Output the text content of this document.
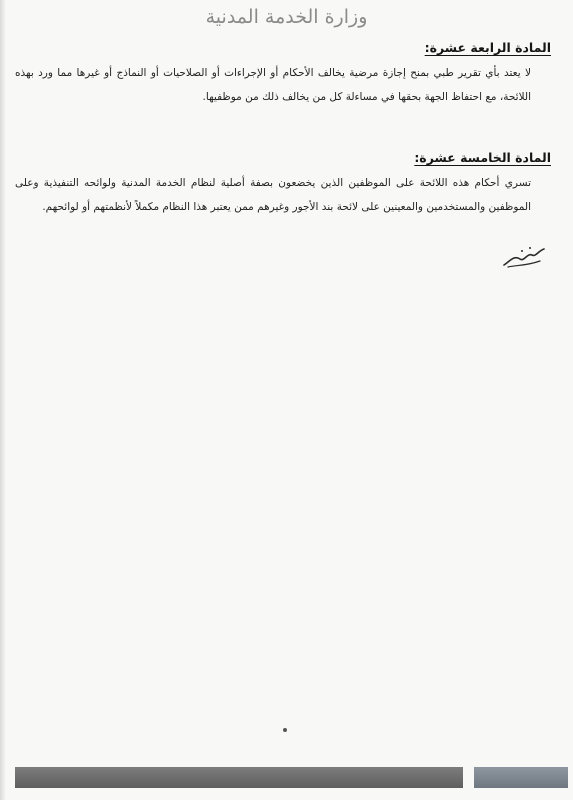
وزارة الخدمة المدنية
المادة الرابعة عشرة:

لا يعتد بأي تقرير طبي بمنح إجازة مرضية يخالف الأحكام أو الإجراءات أو الصلاحيات أو النماذج أو غيرها مما ورد بهذه اللائحة، مع احتفاظ الجهة بحقها في مساءلة كل من يخالف ذلك من موظفيها.

المادة الخامسة عشرة:

تسري أحكام هذه اللائحة على الموظفين الذين يخضعون بصفة أصلية لنظام الخدمة المدنية ولوائحه التنفيذية وعلى الموظفين والمستخدمين والمعينين على لائحة بند الأجور وغيرهم ممن يعتبر هذا النظام مكملاً لأنظمتهم أو لوائحهم.
